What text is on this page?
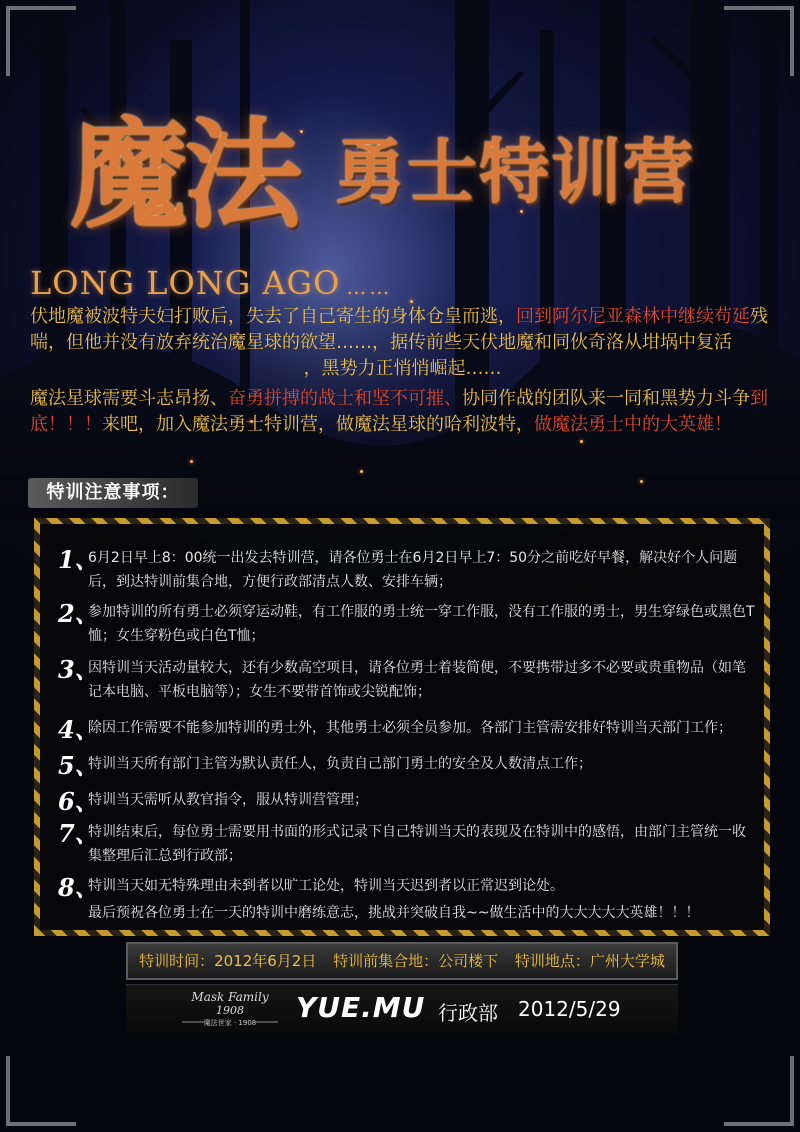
魔法 勇士特训营
LONG LONG AGO ……

伏地魔被波特夫妇打败后，失去了自己寄生的身体仓皇而逃，回到阿尔尼亚森林中继续苟延残喘，但他并没有放弃统治魔星球的欲望……，据传前些天伏地魔和同伙奇洛从坩埚中复活

，黑势力正悄悄崛起……

魔法星球需要斗志昂扬、奋勇拼搏的战士和坚不可摧、协同作战的团队来一同和黑势力斗争到底！！！来吧，加入魔法勇士特训营，做魔法星球的哈利波特，做魔法勇士中的大英雄！

特训注意事项：
1、
6月2日早上8：00统一出发去特训营，请各位勇士在6月2日早上7：50分之前吃好早餐，解决好个人问题后，到达特训前集合地，方便行政部清点人数、安排车辆；
2、
参加特训的所有勇士必须穿运动鞋，有工作服的勇士统一穿工作服，没有工作服的勇士，男生穿绿色或黑色T恤；女生穿粉色或白色T恤；
3、
因特训当天活动量较大，还有少数高空项目，请各位勇士着装简便，不要携带过多不必要或贵重物品（如笔记本电脑、平板电脑等）；女生不要带首饰或尖锐配饰；
4、
除因工作需要不能参加特训的勇士外，其他勇士必须全员参加。各部门主管需安排好特训当天部门工作；
5、
特训当天所有部门主管为默认责任人，负责自己部门勇士的安全及人数清点工作；
6、
特训当天需听从教官指令，服从特训营管理；
7、
特训结束后，每位勇士需要用书面的形式记录下自己特训当天的表现及在特训中的感悟，由部门主管统一收集整理后汇总到行政部；
8、
特训当天如无特殊理由未到者以旷工论处，特训当天迟到者以正常迟到论处。
最后预祝各位勇士在一天的特训中磨练意志，挑战并突破自我~~做生活中的大大大大大英雄！！！
特训时间：2012年6月2日 特训前集合地：公司楼下 特训地点：广州大学城
Mask Family
1908
魔法世家 · 1908 YUE.MU 行政部 2012/5/29
